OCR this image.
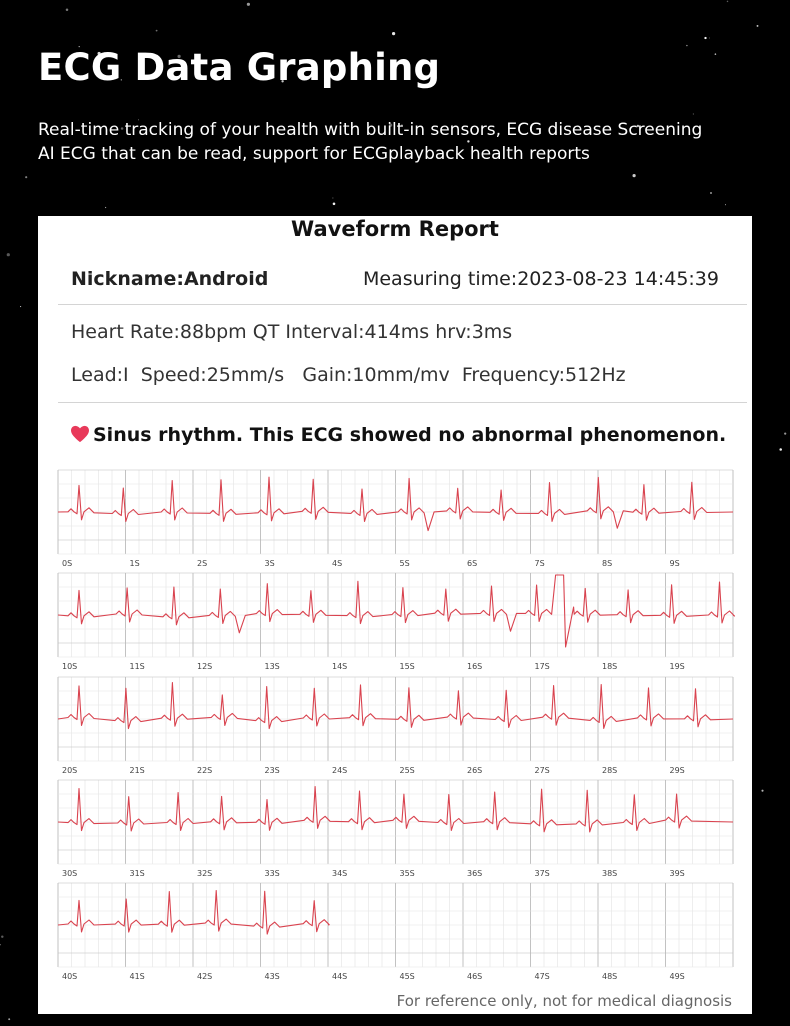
ECG Data Graphing
Real-time tracking of your health with built-in sensors, ECG disease Screening
AI ECG that can be read, support for ECGplayback health reports
Waveform Report
Nickname:Android	Measuring time:2023-08-23 14:45:39
Heart Rate:88bpm QT Interval:414ms hrv:3ms
Lead:I Speed:25mm/s Gain:10mm/mv Frequency:512Hz
Sinus rhythm. This ECG showed no abnormal phenomenon.
0S	1S	2S	3S	4S	5S	6S	7S	8S	9S
10S	11S	12S	13S	14S	15S	16S	17S	18S	19S
20S	21S	22S	23S	24S	25S	26S	27S	28S	29S
30S	31S	32S	33S	34S	35S	36S	37S	38S	39S
40S	41S	42S	43S	44S	45S	46S	47S	48S	49S
For reference only, not for medical diagnosis
